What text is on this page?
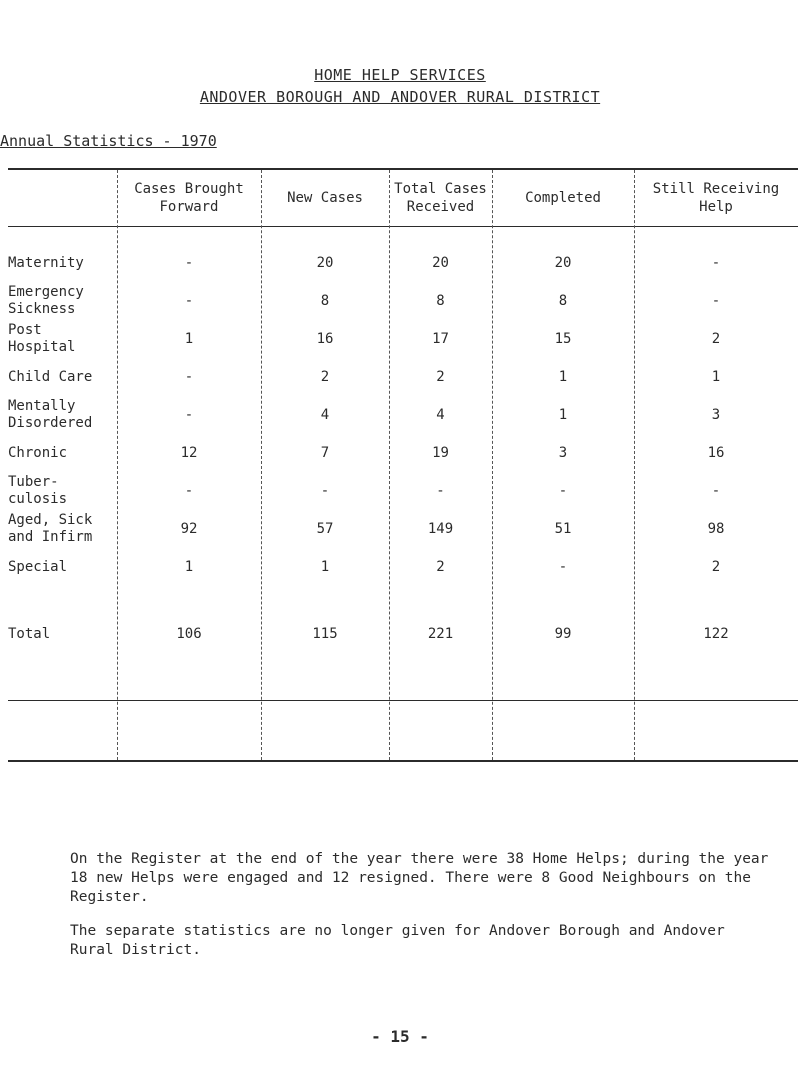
HOME HELP SERVICES
ANDOVER BOROUGH AND ANDOVER RURAL DISTRICT
Annual Statistics - 1970
	Cases Brought Forward	New Cases	Total Cases Received	Completed	Still Receiving Help

Maternity	-	20	20	20	-
Emergency Sickness	-	8	8	8	-
Post Hospital	1	16	17	15	2
Child Care	-	2	2	1	1
Mentally Disordered	-	4	4	1	3
Chronic	12	7	19	3	16
Tuber- culosis	-	-	-	-	-
Aged, Sick and Infirm	92	57	149	51	98
Special	1	1	2	-	2

Total	106	115	221	99	122

On the Register at the end of the year there were 38 Home Helps; during the year 18 new Helps were engaged and 12 resigned. There were 8 Good Neighbours on the Register.

The separate statistics are no longer given for Andover Borough and Andover Rural District.

- 15 -
